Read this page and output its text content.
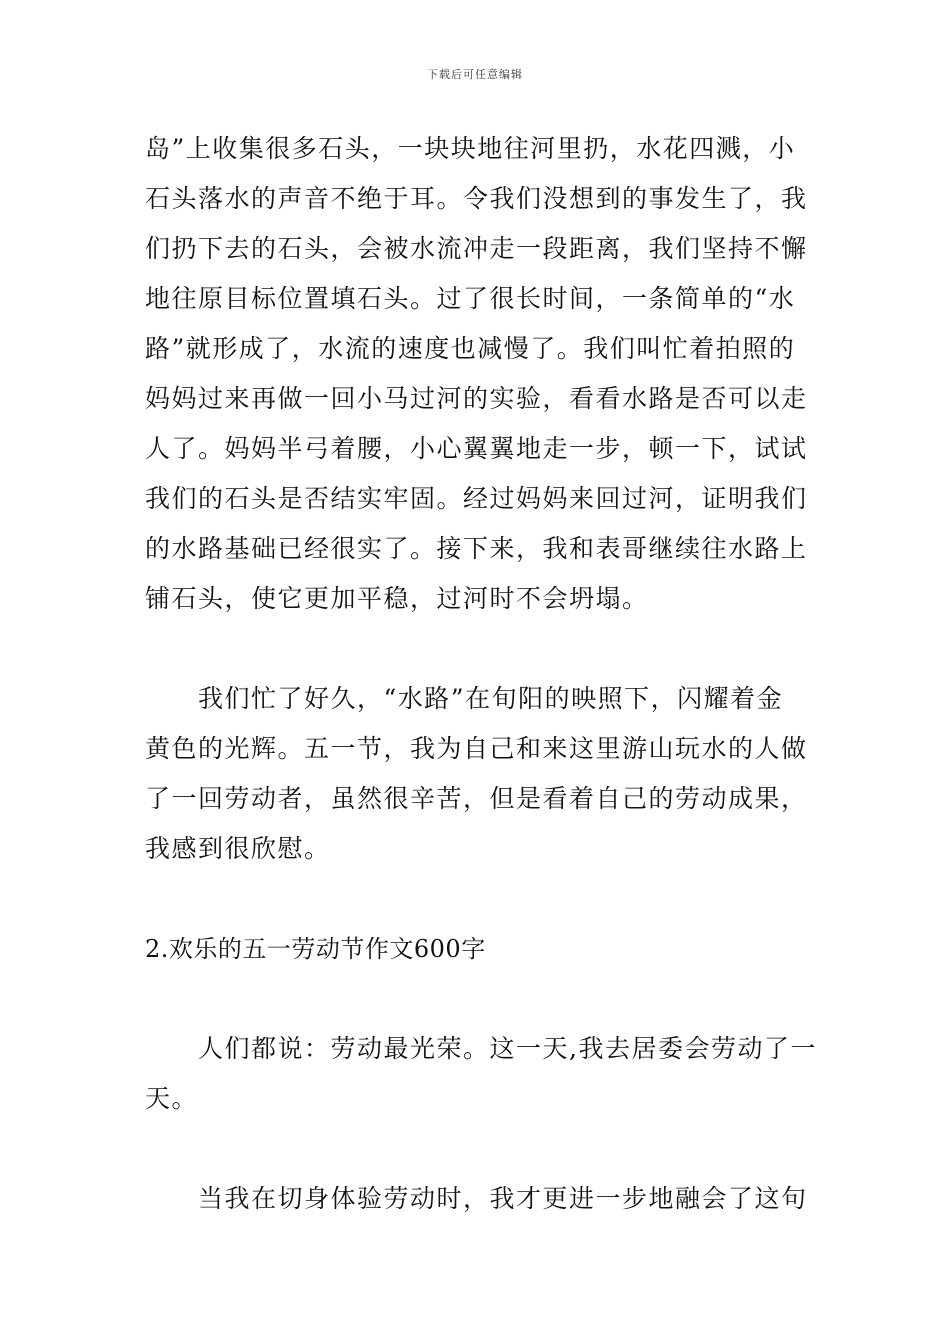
下载后可任意编辑
岛”上收集很多石头，一块块地往河里扔，水花四溅，小
石头落水的声音不绝于耳。令我们没想到的事发生了，我
们扔下去的石头，会被水流冲走一段距离，我们坚持不懈
地往原目标位置填石头。过了很长时间，一条简单的“水
路”就形成了，水流的速度也减慢了。我们叫忙着拍照的
妈妈过来再做一回小马过河的实验，看看水路是否可以走
人了。妈妈半弓着腰，小心翼翼地走一步，顿一下，试试
我们的石头是否结实牢固。经过妈妈来回过河，证明我们
的水路基础已经很实了。接下来，我和表哥继续往水路上
铺石头，使它更加平稳，过河时不会坍塌。
　　我们忙了好久，“水路”在旬阳的映照下，闪耀着金
黄色的光辉。五一节，我为自己和来这里游山玩水的人做
了一回劳动者，虽然很辛苦，但是看着自己的劳动成果，
我感到很欣慰。
2.欢乐的五一劳动节作文600字
　　人们都说：劳动最光荣。这一天,我去居委会劳动了一
天。
　　当我在切身体验劳动时，我才更进一步地融会了这句
